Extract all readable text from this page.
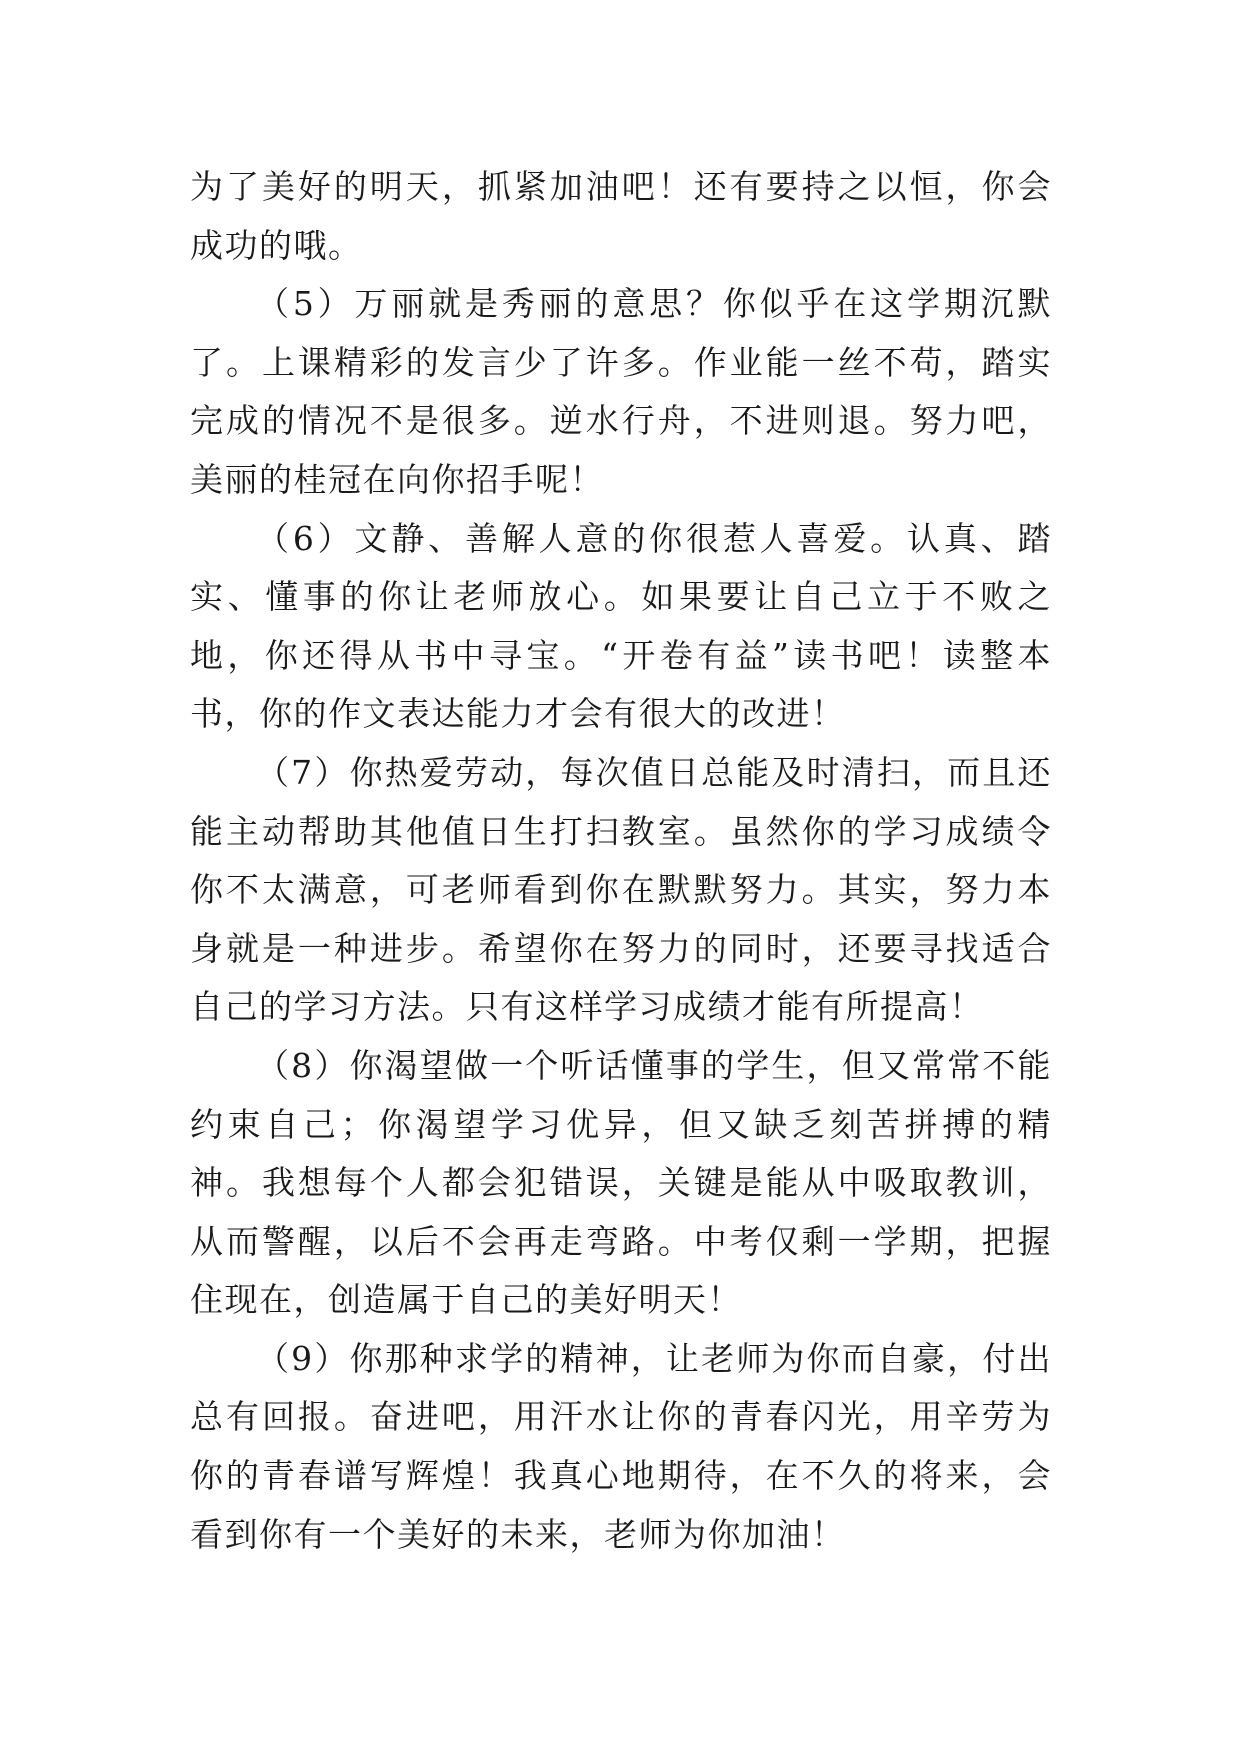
为了美好的明天，抓紧加油吧！还有要持之以恒，你会成功的哦。

（5）万丽就是秀丽的意思？你似乎在这学期沉默了。上课精彩的发言少了许多。作业能一丝不苟，踏实完成的情况不是很多。逆水行舟，不进则退。努力吧，美丽的桂冠在向你招手呢！

（6）文静、善解人意的你很惹人喜爱。认真、踏实、懂事的你让老师放心。如果要让自己立于不败之地，你还得从书中寻宝。“开卷有益”读书吧！读整本书，你的作文表达能力才会有很大的改进！

（7）你热爱劳动，每次值日总能及时清扫，而且还能主动帮助其他值日生打扫教室。虽然你的学习成绩令你不太满意，可老师看到你在默默努力。其实，努力本身就是一种进步。希望你在努力的同时，还要寻找适合自己的学习方法。只有这样学习成绩才能有所提高！

（8）你渴望做一个听话懂事的学生，但又常常不能约束自己；你渴望学习优异，但又缺乏刻苦拼搏的精神。我想每个人都会犯错误，关键是能从中吸取教训，从而警醒，以后不会再走弯路。中考仅剩一学期，把握住现在，创造属于自己的美好明天！

（9）你那种求学的精神，让老师为你而自豪，付出总有回报。奋进吧，用汗水让你的青春闪光，用辛劳为你的青春谱写辉煌！我真心地期待，在不久的将来，会看到你有一个美好的未来，老师为你加油！
